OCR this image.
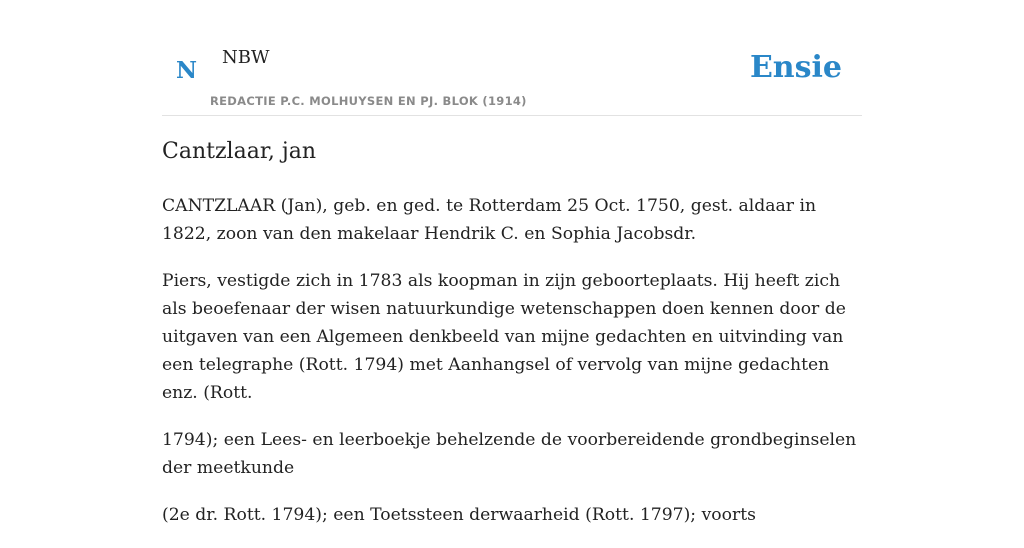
N NBW
REDACTIE P.C. MOLHUYSEN EN PJ. BLOK (1914)
Ensie
Cantzlaar, jan

CANTZLAAR (Jan), geb. en ged. te Rotterdam 25 Oct. 1750, gest. aldaar in 1822, zoon van den makelaar Hendrik C. en Sophia Jacobsdr.

Piers, vestigde zich in 1783 als koopman in zijn geboorteplaats. Hij heeft zich als beoefenaar der wisen natuurkundige wetenschappen doen kennen door de uitgaven van een Algemeen denkbeeld van mijne gedachten en uitvinding van een telegraphe (Rott. 1794) met Aanhangsel of vervolg van mijne gedachten enz. (Rott.

1794); een Lees- en leerboekje behelzende de voorbereidende grondbeginselen der meetkunde

(2e dr. Rott. 1794); een Toetssteen derwaarheid (Rott. 1797); voorts
